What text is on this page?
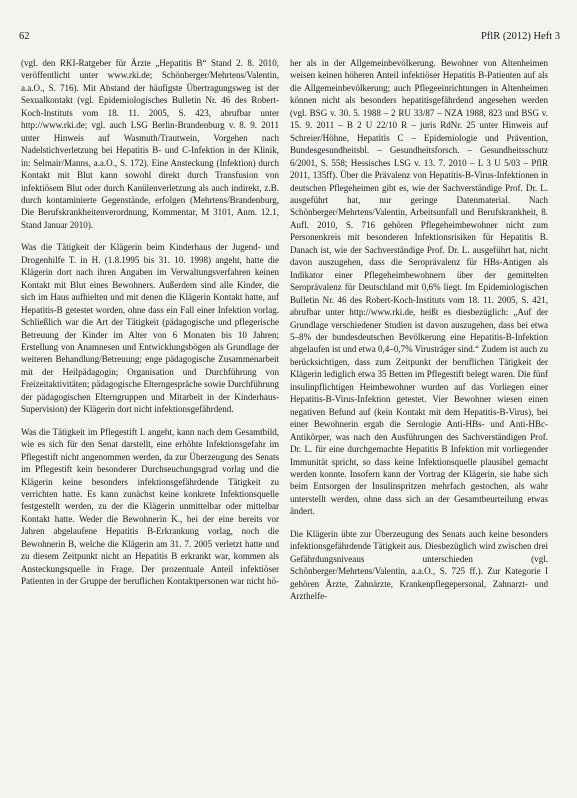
62	PflR (2012) Heft 3

(vgl. den RKI-Ratgeber für Ärzte „Hepatitis B“ Stand 2. 8. 2010, veröffentlicht unter www.rki.de; Schönberger/Mehrtens/Valentin, a.a.O., S. 716). Mit Abstand der häufigste Übertragungsweg ist der Sexualkontakt (vgl. Epidemiologisches Bulletin Nr. 46 des Robert-Koch-Instituts vom 18. 11. 2005, S. 423, abrufbar unter http://www.rki.de; vgl. auch LSG Berlin-Brandenburg v. 8. 9. 2011 unter Hinweis auf Wasmuth/Trautwein, Vorgehen nach Nadelstichverletzung bei Hepatitis B- und C-Infektion in der Klinik, in: Selmair/Manns, a.a.O., S. 172). Eine Ansteckung (Infektion) durch Kontakt mit Blut kann sowohl direkt durch Transfusion von infektiösem Blut oder durch Kanülenverletzung als auch indirekt, z.B. durch kontaminierte Gegenstände, erfolgen (Mehrtens/Brandenburg, Die Berufskrankheitenverordnung, Kommentar, M 3101, Anm. 12.1, Stand Januar 2010).

Was die Tätigkeit der Klägerin beim Kinderhaus der Jugend- und Drogenhilfe T. in H. (1.8.1995 bis 31. 10. 1998) angeht, hatte die Klägerin dort nach ihren Angaben im Verwaltungsverfahren keinen Kontakt mit Blut eines Bewohners. Außerdem sind alle Kinder, die sich im Haus aufhielten und mit denen die Klägerin Kontakt hatte, auf Hepatitis-B getestet worden, ohne dass ein Fall einer Infektion vorlag. Schließlich war die Art der Tätigkeit (pädagogische und pflegerische Betreuung der Kinder im Alter von 6 Monaten bis 10 Jahren; Erstellung von Anamnesen und Entwicklungsbögen als Grundlage der weiteren Behandlung/Betreuung; enge pädagogische Zusammenarbeit mit der Heilpädagogin; Organisation und Durchführung von Freizeitaktivitäten; pädagogische Elterngespräche sowie Durchführung der pädagogischen Elterngruppen und Mitarbeit in der Kinderhaus-Supervision) der Klägerin dort nicht infektionsgefährdend.

Was die Tätigkeit im Pflegestift I. angeht, kann nach dem Gesamtbild, wie es sich für den Senat darstellt, eine erhöhte Infektionsgefahr im Pflegestift nicht angenommen werden, da zur Überzeugung des Senats im Pflegestift kein besonderer Durchseuchungsgrad vorlag und die Klägerin keine besonders infektionsgefährdende Tätigkeit zu verrichten hatte. Es kann zunächst keine konkrete Infektionsquelle festgestellt werden, zu der die Klägerin unmittelbar oder mittelbar Kontakt hatte. Weder die Bewohnerin K., bei der eine bereits vor Jahren abgelaufene Hepatitis B-Erkrankung vorlag, noch die Bewohnerin B, welche die Klägerin am 31. 7. 2005 verletzt hatte und zu diesem Zeitpunkt nicht an Hepatitis B erkrankt war, kommen als Ansteckungsquelle in Frage. Der prozentuale Anteil infektiöser Patienten in der Gruppe der beruflichen Kontaktpersonen war nicht hö-

her als in der Allgemeinbevölkerung. Bewohner von Altenheimen weisen keinen höheren Anteil infektiöser Hepatitis B-Patienten auf als die Allgemeinbevölkerung; auch Pflegeeinrichtungen in Altenheimen können nicht als besonders hepatitisgefährdend angesehen werden (vgl. BSG v. 30. 5. 1988 – 2 RU 33/87 – NZA 1988, 823 und BSG v. 15. 9. 2011 – B 2 U 22/10 R – juris RdNr. 25 unter Hinweis auf Schreier/Höhne, Hepatitis C – Epidemiologie und Prävention, Bundesgesundheitsbl. – Gesundheitsforsch. – Gesundheitsschutz 6/2001, S. 558; Hessisches LSG v. 13. 7. 2010 – L 3 U 5/03 – PflR 2011, 135ff). Über die Prävalenz von Hepatitis-B-Virus-Infektionen in deutschen Pflegeheimen gibt es, wie der Sachverständige Prof. Dr. L. ausgeführt hat, nur geringe Datenmaterial. Nach Schönberger/Mehrtens/Valentin, Arbeitsunfall und Berufskrankheit, 8. Aufl. 2010, S. 716 gehören Pflegeheimbewohner nicht zum Personenkreis mit besonderen Infektionsrisiken für Hepatitis B. Danach ist, wie der Sachverständige Prof. Dr. L. ausgeführt hat, nicht davon auszugehen, dass die Seroprävalenz für HBs-Antigen als Indikator einer Pflegeheimbewohnern über der gemittelten Seroprävalenz für Deutschland mit 0,6% liegt. Im Epidemiologischen Bulletin Nr. 46 des Robert-Koch-Instituts vom 18. 11. 2005, S. 421, abrufbar unter http://www.rki.de, heißt es diesbezüglich: „Auf der Grundlage verschiedener Studien ist davon auszugehen, dass bei etwa 5–8% der bundesdeutschen Bevölkerung eine Hepatitis-B-Infektion abgelaufen ist und etwa 0,4–0,7% Virusträger sind.“ Zudem ist auch zu berücksichtigen, dass zum Zeitpunkt der beruflichen Tätigkeit der Klägerin lediglich etwa 35 Betten im Pflegestift belegt waren. Die fünf insulinpflichtigen Heimbewohner wurden auf das Vorliegen einer Hepatitis-B-Virus-Infektion getestet. Vier Bewohner wiesen einen negativen Befund auf (kein Kontakt mit dem Hepatitis-B-Virus), bei einer Bewohnerin ergab die Serologie Anti-HBs- und Anti-HBc-Antikörper, was nach den Ausführungen des Sachverständigen Prof. Dr. L. für eine durchgemachte Hepatitis B Infektion mit vorliegender Immunität spricht, so dass keine Infektionsquelle plausibel gemacht werden konnte. Insofern kann der Vortrag der Klägerin, sie habe sich beim Entsorgen der Insulinspritzen mehrfach gestochen, als wahr unterstellt werden, ohne dass sich an der Gesamtbeurteilung etwas ändert.

Die Klägerin übte zur Überzeugung des Senats auch keine besonders infektionsgefährdende Tätigkeit aus. Diesbezüglich wird zwischen drei Gefährdungsniveaus unterschieden (vgl. Schönberger/Mehrtens/Valentin, a.a.O., S. 725 ff.). Zur Kategorie I gehören Ärzte, Zahnärzte, Krankenpflegepersonal, Zahnarzt- und Arzthelfe-
